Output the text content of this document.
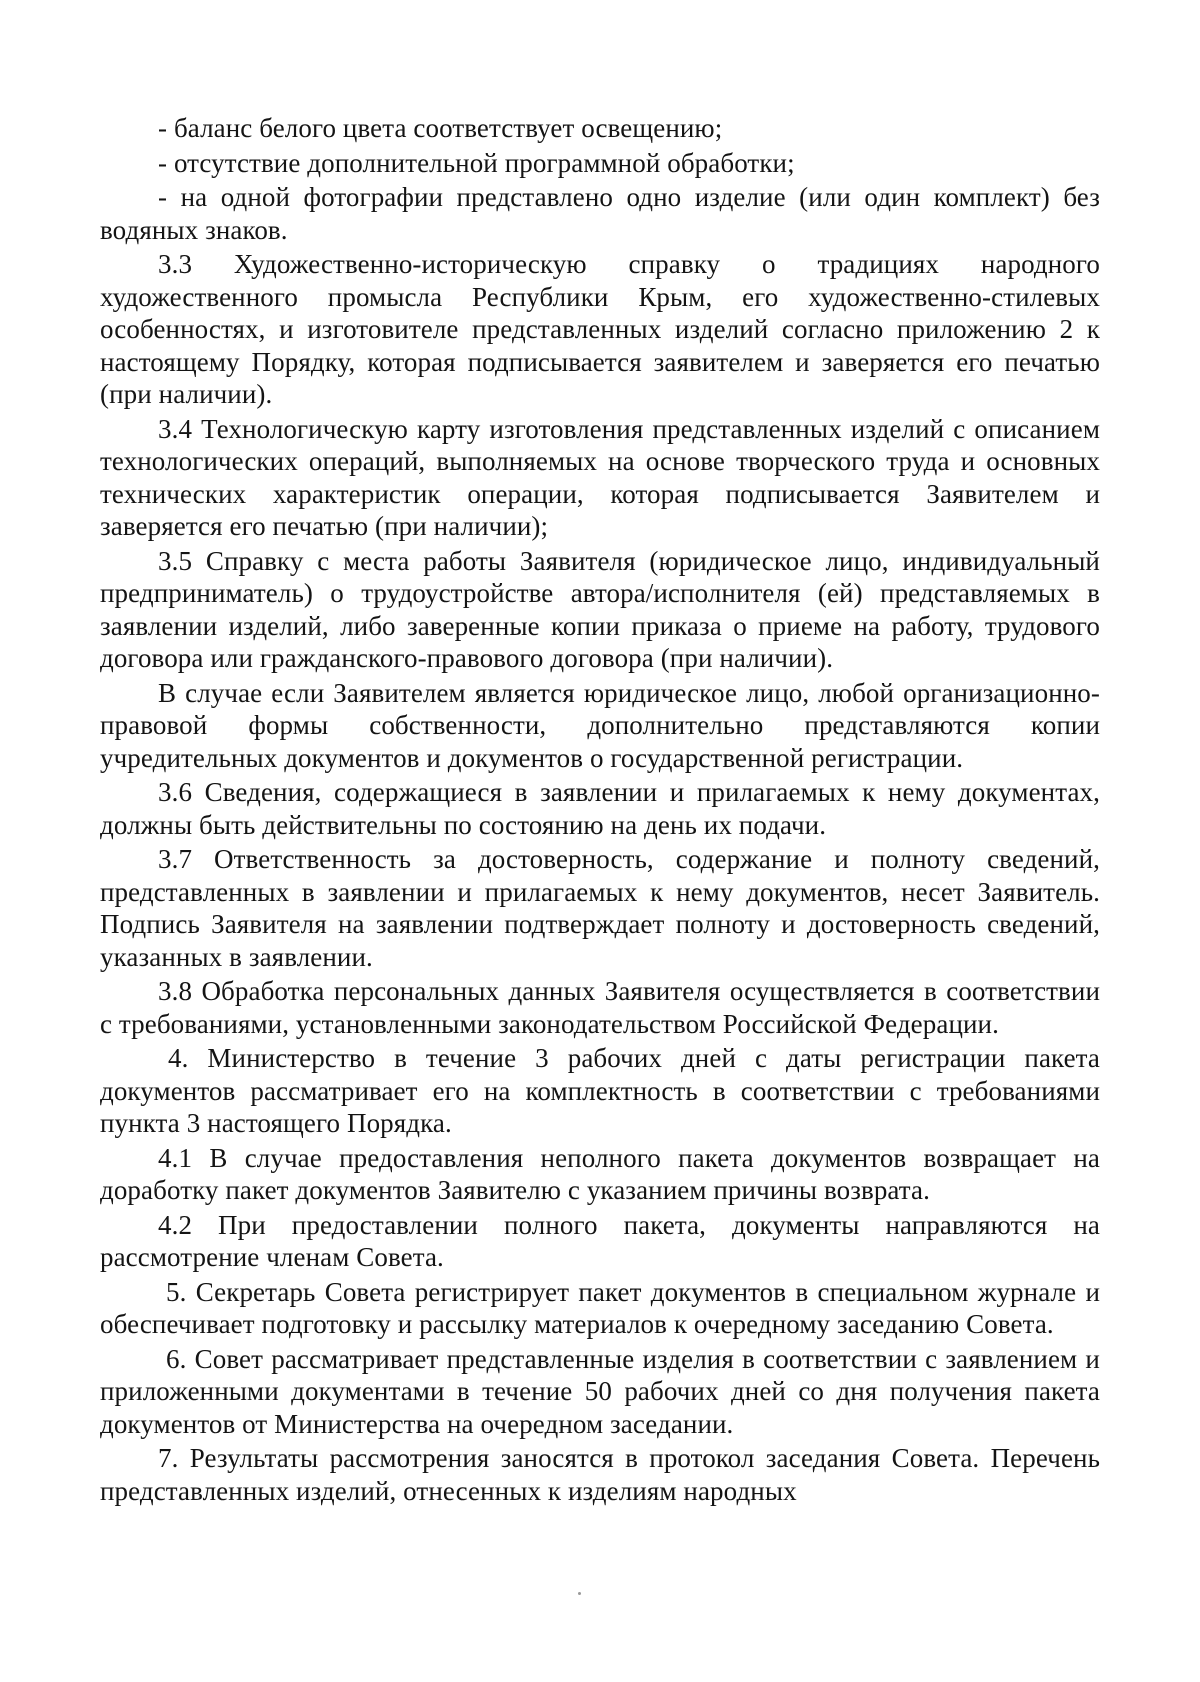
- баланс белого цвета соответствует освещению;

- отсутствие дополнительной программной обработки;

- на одной фотографии представлено одно изделие (или один комплект) без водяных знаков.

3.3 Художественно-историческую справку о традициях народного художественного промысла Республики Крым, его художественно-стилевых особенностях, и изготовителе представленных изделий согласно приложению 2 к настоящему Порядку, которая подписывается заявителем и заверяется его печатью (при наличии).

3.4 Технологическую карту изготовления представленных изделий с описанием технологических операций, выполняемых на основе творческого труда и основных технических характеристик операции, которая подписывается Заявителем и заверяется его печатью (при наличии);

3.5 Справку с места работы Заявителя (юридическое лицо, индивидуальный предприниматель) о трудоустройстве автора/исполнителя (ей) представляемых в заявлении изделий, либо заверенные копии приказа о приеме на работу, трудового договора или гражданского-правового договора (при наличии).

В случае если Заявителем является юридическое лицо, любой организационно-правовой формы собственности, дополнительно представляются копии учредительных документов и документов о государственной регистрации.

3.6 Сведения, содержащиеся в заявлении и прилагаемых к нему документах, должны быть действительны по состоянию на день их подачи.

3.7 Ответственность за достоверность, содержание и полноту сведений, представленных в заявлении и прилагаемых к нему документов, несет Заявитель. Подпись Заявителя на заявлении подтверждает полноту и достоверность сведений, указанных в заявлении.

3.8 Обработка персональных данных Заявителя осуществляется в соответствии с требованиями, установленными законодательством Российской Федерации.

4. Министерство в течение 3 рабочих дней с даты регистрации пакета документов рассматривает его на комплектность в соответствии с требованиями пункта 3 настоящего Порядка.

4.1 В случае предоставления неполного пакета документов возвращает на доработку пакет документов Заявителю с указанием причины возврата.

4.2 При предоставлении полного пакета, документы направляются на рассмотрение членам Совета.

5. Секретарь Совета регистрирует пакет документов в специальном журнале и обеспечивает подготовку и рассылку материалов к очередному заседанию Совета.

6. Совет рассматривает представленные изделия в соответствии с заявлением и приложенными документами в течение 50 рабочих дней со дня получения пакета документов от Министерства на очередном заседании.

7. Результаты рассмотрения заносятся в протокол заседания Совета. Перечень представленных изделий, отнесенных к изделиям народных
